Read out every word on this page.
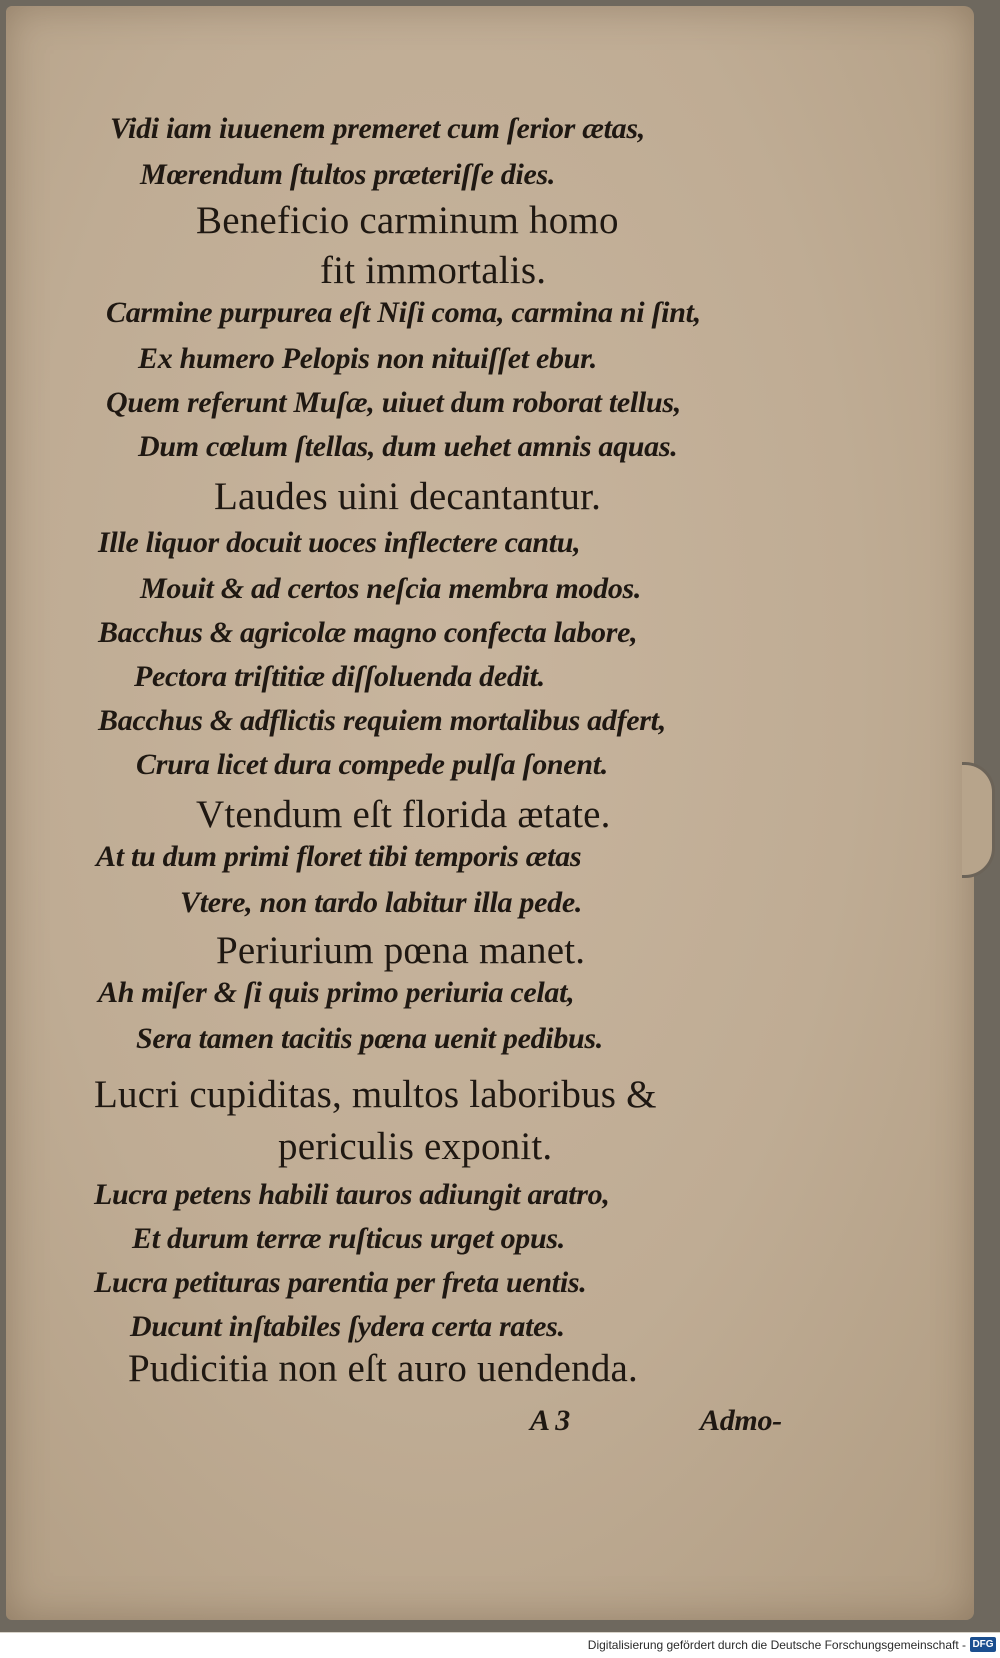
Vidi iam iuuenem premeret cum ſerior ætas,
Mœrendum ſtultos præteriſſe dies.
Beneficio carminum homo
fit immortalis.
Carmine purpurea eſt Niſi coma, carmina ni ſint,
Ex humero Pelopis non nituiſſet ebur.
Quem referunt Muſæ, uiuet dum roborat tellus,
Dum cœlum ſtellas, dum uehet amnis aquas.
Laudes uini decantantur.
Ille liquor docuit uoces inflectere cantu,
Mouit & ad certos neſcia membra modos.
Bacchus & agricolæ magno confecta labore,
Pectora triſtitiæ diſſoluenda dedit.
Bacchus & adflictis requiem mortalibus adfert,
Crura licet dura compede pulſa ſonent.
Vtendum eſt florida ætate.
At tu dum primi floret tibi temporis ætas
Vtere, non tardo labitur illa pede.
Periurium pœna manet.
Ah miſer & ſi quis primo periuria celat,
Sera tamen tacitis pœna uenit pedibus.
Lucri cupiditas, multos laboribus &
periculis exponit.
Lucra petens habili tauros adiungit aratro,
Et durum terræ ruſticus urget opus.
Lucra petituras parentia per freta uentis.
Ducunt inſtabiles ſydera certa rates.
Pudicitia non eſt auro uendenda.
A 3	Admo-
Digitalisierung gefördert durch die Deutsche Forschungsgemeinschaft - DFG
